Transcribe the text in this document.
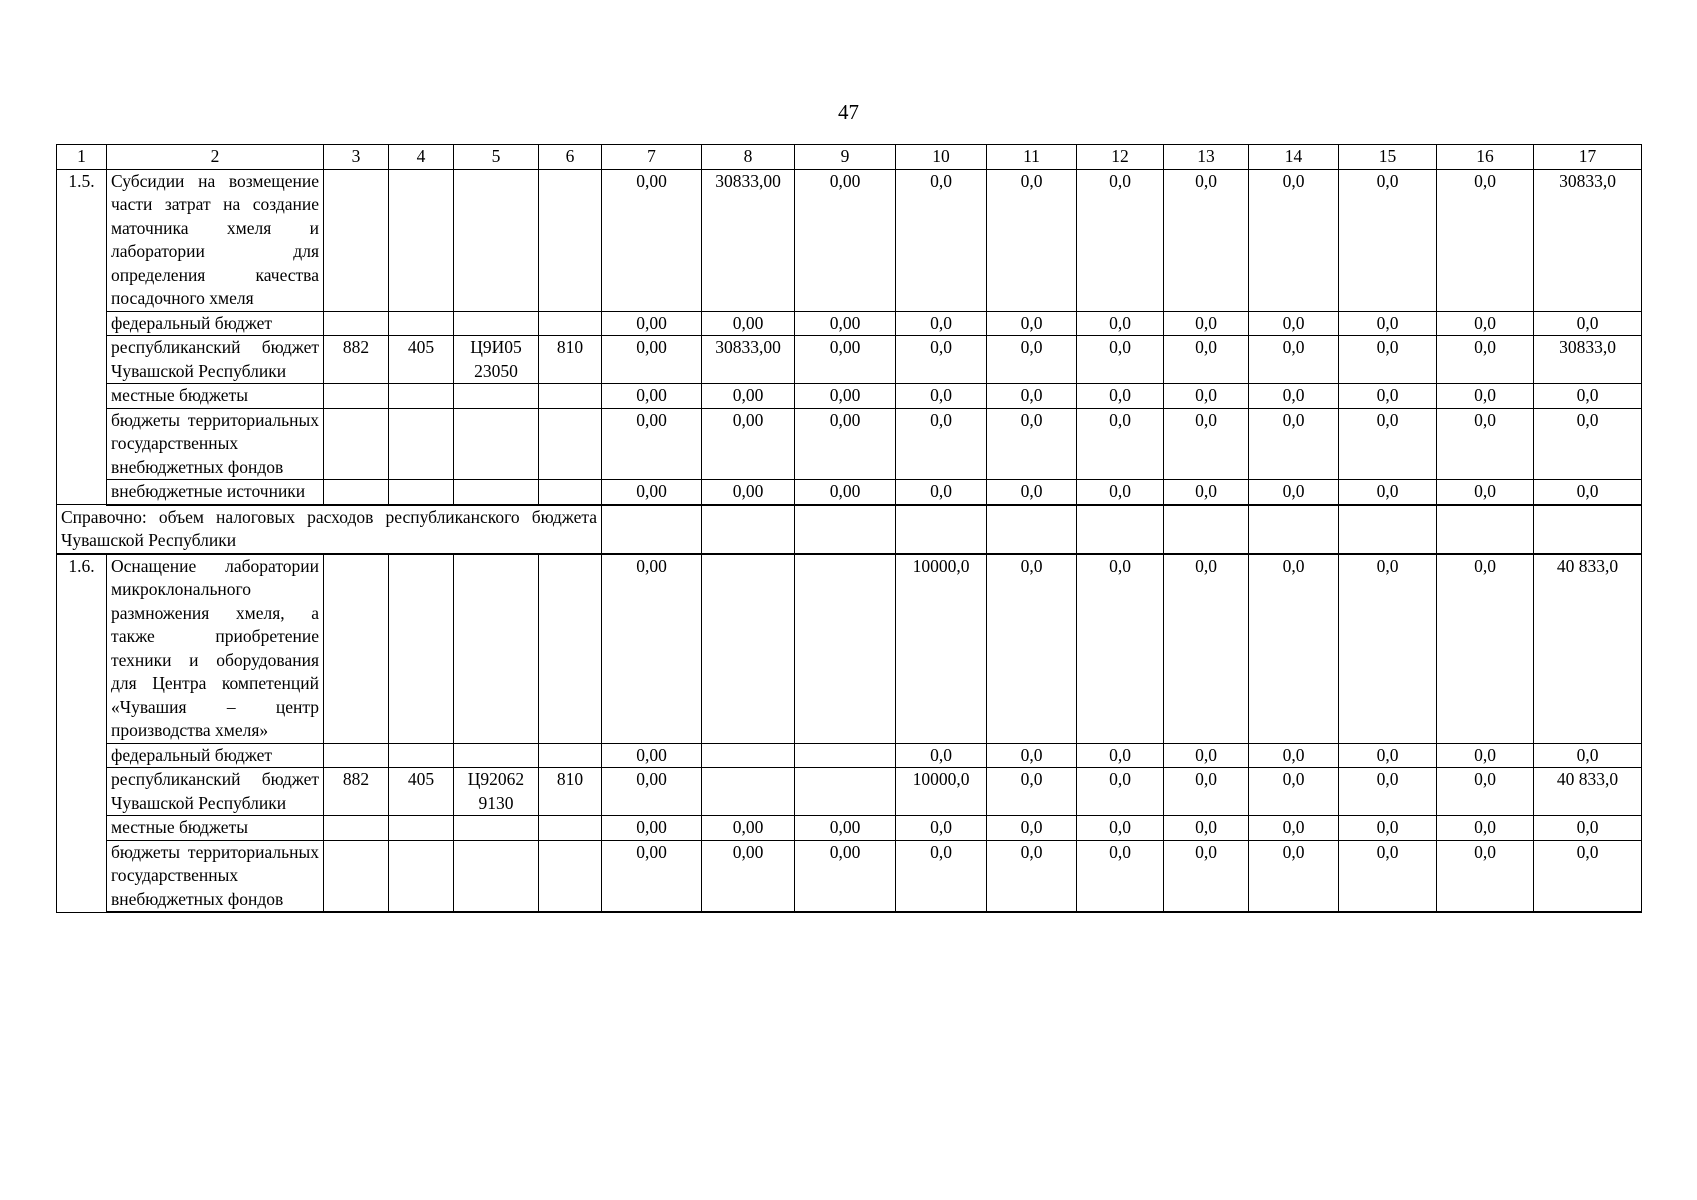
47
1	2	3	4	5	6	7	8	9	10	11	12	13	14	15	16	17
1.5.	Субсидии на возмещение части затрат на создание маточника хмеля и лаборатории для определения качества посадочного хмеля					0,00	30833,00	0,00	0,0	0,0	0,0	0,0	0,0	0,0	0,0	30833,0
	федеральный бюджет					0,00	0,00	0,00	0,0	0,0	0,0	0,0	0,0	0,0	0,0	0,0
	республиканский бюджет Чувашской Республики	882	405	Ц9И05 23050	810	0,00	30833,00	0,00	0,0	0,0	0,0	0,0	0,0	0,0	0,0	30833,0
	местные бюджеты					0,00	0,00	0,00	0,0	0,0	0,0	0,0	0,0	0,0	0,0	0,0
	бюджеты территориальных государственных внебюджетных фондов					0,00	0,00	0,00	0,0	0,0	0,0	0,0	0,0	0,0	0,0	0,0
	внебюджетные источники					0,00	0,00	0,00	0,0	0,0	0,0	0,0	0,0	0,0	0,0	0,0
Справочно: объем налоговых расходов республиканского бюджета Чувашской Республики																
1.6.	Оснащение лаборатории микроклонального размножения хмеля, а также приобретение техники и оборудования для Центра компетенций «Чувашия – центр производства хмеля»					0,00			10000,0	0,0	0,0	0,0	0,0	0,0	0,0	40 833,0
	федеральный бюджет					0,00			0,0	0,0	0,0	0,0	0,0	0,0	0,0	0,0
	республиканский бюджет Чувашской Республики	882	405	Ц92062 9130	810	0,00			10000,0	0,0	0,0	0,0	0,0	0,0	0,0	40 833,0
	местные бюджеты					0,00	0,00	0,00	0,0	0,0	0,0	0,0	0,0	0,0	0,0	0,0
	бюджеты территориальных государственных внебюджетных фондов					0,00	0,00	0,00	0,0	0,0	0,0	0,0	0,0	0,0	0,0	0,0
